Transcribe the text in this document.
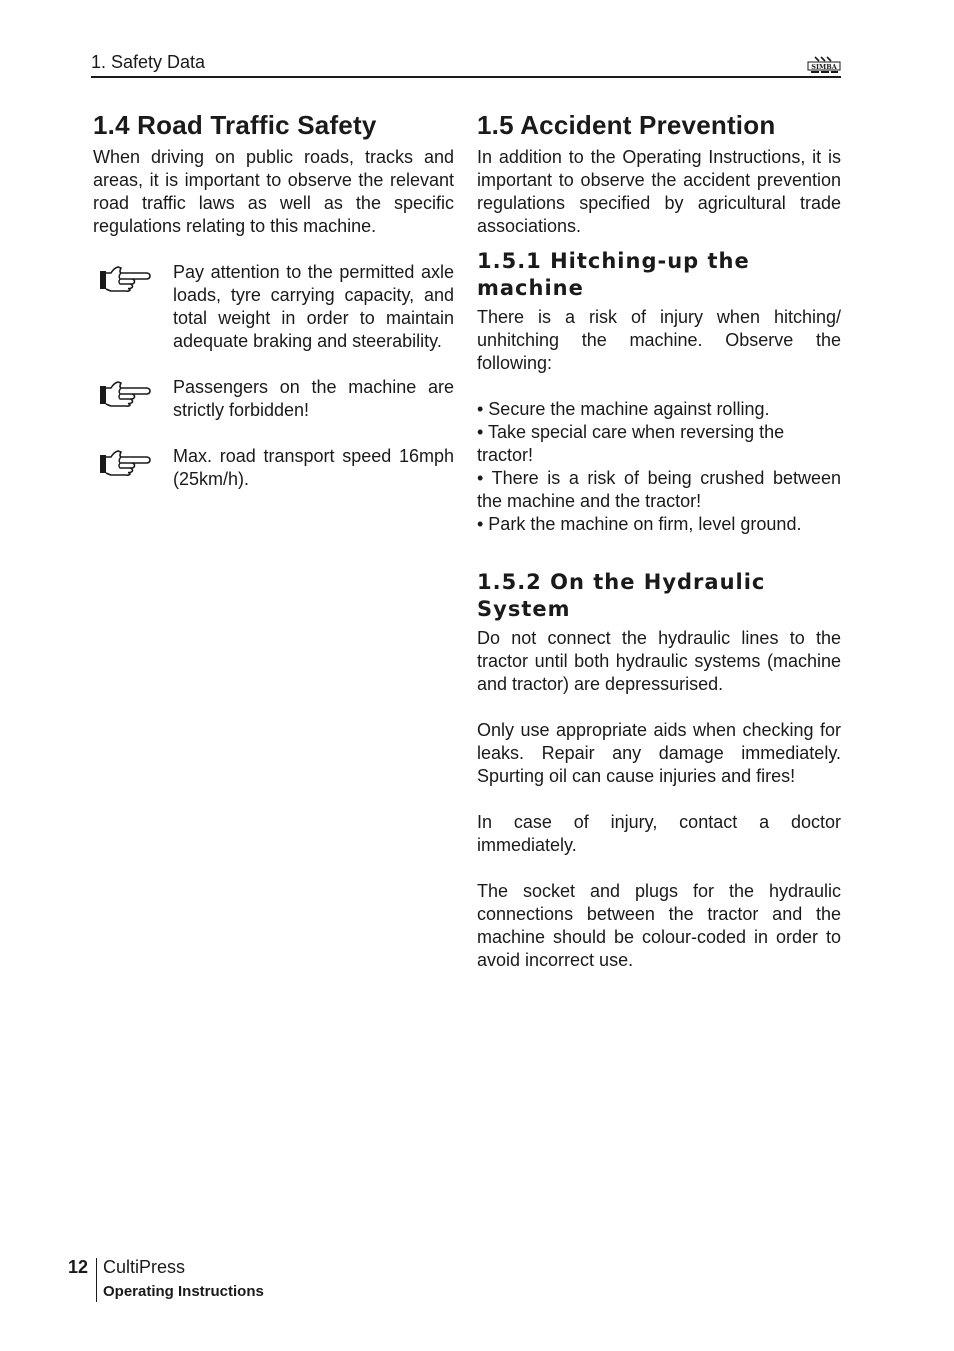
1. Safety Data	SIMBA
1.4 Road Traffic Safety

When driving on public roads, tracks and areas, it is important to observe the relevant road traffic laws as well as the specific regulations relating to this machine.

Pay attention to the permitted axle loads, tyre carrying capacity, and total weight in order to maintain adequate braking and steerability.

Passengers on the machine are strictly forbidden!

Max. road transport speed 16mph (25km/h).

1.5 Accident Prevention

In addition to the Operating Instructions, it is important to observe the accident prevention regulations specified by agricultural trade associations.

1.5.1 Hitching-up the machine

There is a risk of injury when hitching/ unhitching the machine. Observe the following:

• Secure the machine against rolling.

• Take special care when reversing the tractor!

• There is a risk of being crushed between the machine and the tractor!

• Park the machine on firm, level ground.

1.5.2 On the Hydraulic System

Do not connect the hydraulic lines to the tractor until both hydraulic systems (machine and tractor) are depressurised.

Only use appropriate aids when checking for leaks. Repair any damage immediately. Spurting oil can cause injuries and fires!

In case of injury, contact a doctor immediately.

The socket and plugs for the hydraulic connections between the tractor and the machine should be colour-coded in order to avoid incorrect use.

12 CultiPress
Operating Instructions
